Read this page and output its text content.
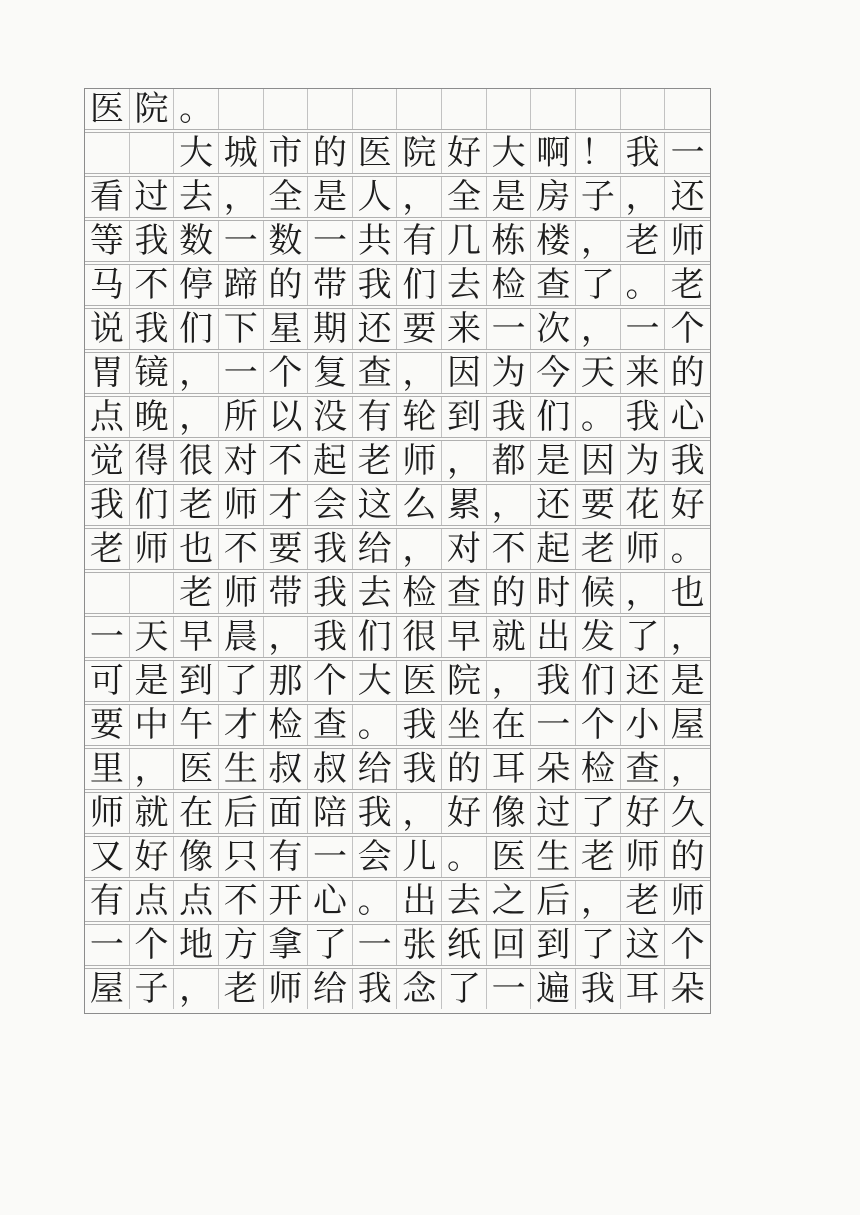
医 院 。
大 城 市 的 医 院 好 大 啊 ！ 我 一
看 过 去 ， 全 是 人 ， 全 是 房 子 ， 还
等 我 数 一 数 一 共 有 几 栋 楼 ， 老 师
马 不 停 蹄 的 带 我 们 去 检 查 了 。 老
说 我 们 下 星 期 还 要 来 一 次 ， 一 个
胃 镜 ， 一 个 复 查 ， 因 为 今 天 来 的
点 晚 ， 所 以 没 有 轮 到 我 们 。 我 心
觉 得 很 对 不 起 老 师 ， 都 是 因 为 我
我 们 老 师 才 会 这 么 累 ， 还 要 花 好
老 师 也 不 要 我 给 ， 对 不 起 老 师 。
老 师 带 我 去 检 查 的 时 候 ， 也
一 天 早 晨 ， 我 们 很 早 就 出 发 了 ，
可 是 到 了 那 个 大 医 院 ， 我 们 还 是
要 中 午 才 检 查 。 我 坐 在 一 个 小 屋
里 ， 医 生 叔 叔 给 我 的 耳 朵 检 查 ，
师 就 在 后 面 陪 我 ， 好 像 过 了 好 久
又 好 像 只 有 一 会 儿 。 医 生 老 师 的
有 点 点 不 开 心 。 出 去 之 后 ， 老 师
一 个 地 方 拿 了 一 张 纸 回 到 了 这 个
屋 子 ， 老 师 给 我 念 了 一 遍 我 耳 朵
